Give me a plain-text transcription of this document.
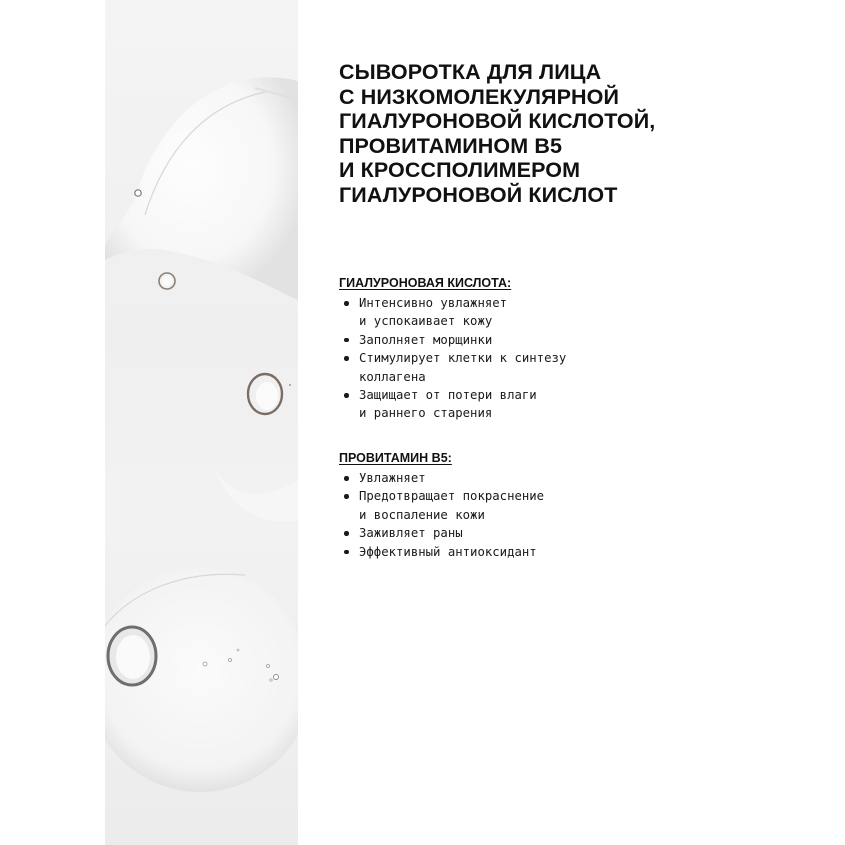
СЫВОРОТКА ДЛЯ ЛИЦА
С НИЗКОМОЛЕКУЛЯРНОЙ
ГИАЛУРОНОВОЙ КИСЛОТОЙ,
ПРОВИТАМИНОМ В5
И КРОССПОЛИМЕРОМ
ГИАЛУРОНОВОЙ КИСЛОТ
ГИАЛУРОНОВАЯ КИСЛОТА:
Интенсивно увлажняет
и успокаивает кожу
Заполняет морщинки
Стимулирует клетки к синтезу
коллагена
Защищает от потери влаги
и раннего старения
ПРОВИТАМИН В5:
Увлажняет
Предотвращает покраснение
и воспаление кожи
Заживляет раны
Эффективный антиоксидант
